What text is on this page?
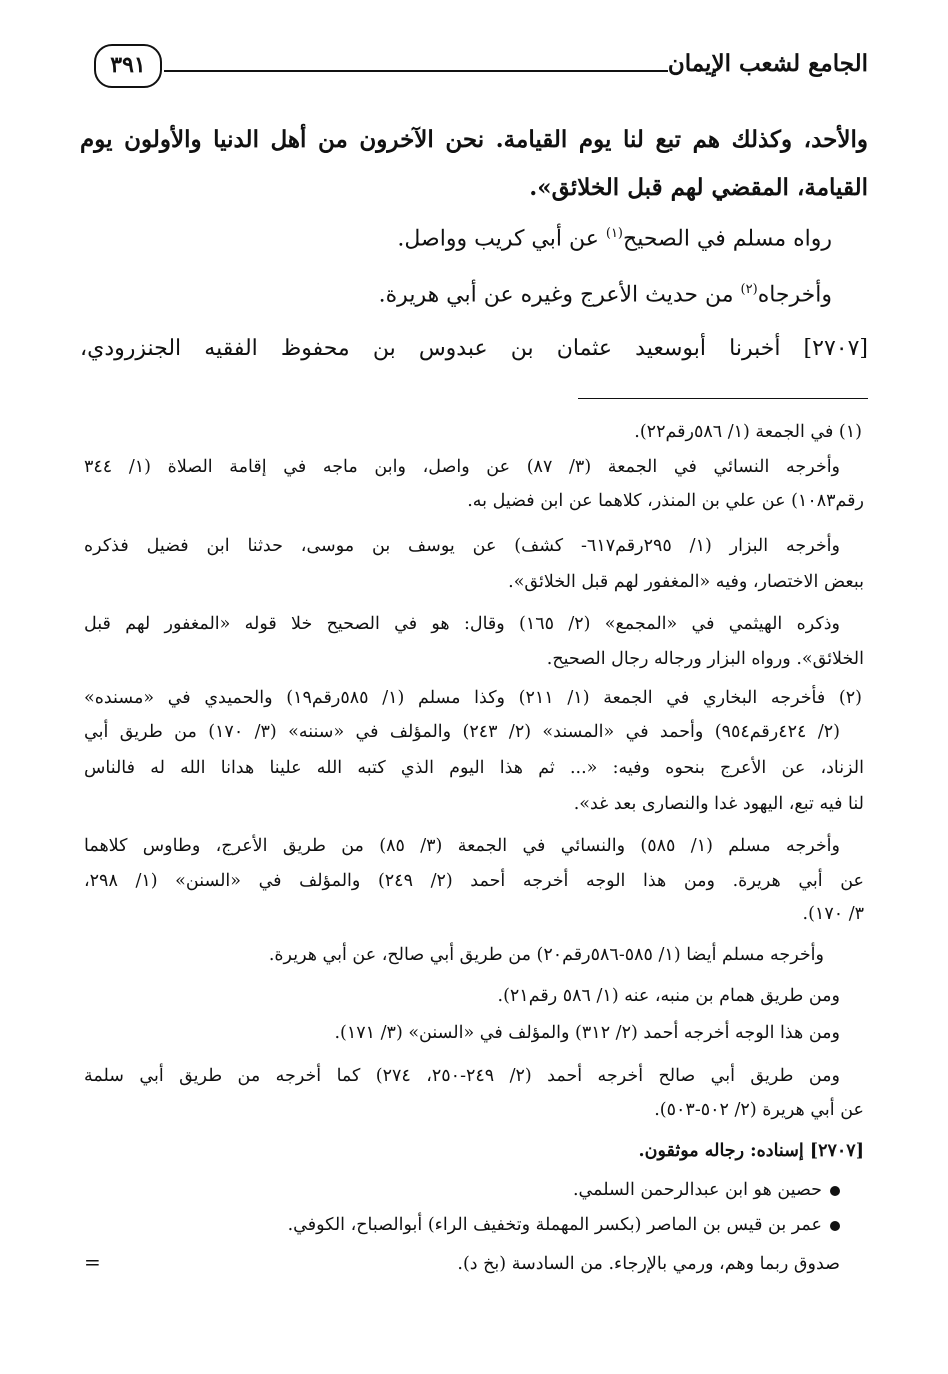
الجامع لشعب الإيمان
٣٩١
والأحد، وكذلك هم تبع لنا يوم القيامة. نحن الآخرون من أهل الدنيا والأولون يوم
القيامة، المقضي لهم قبل الخلائق».
رواه مسلم في الصحيح$^{(١)}$ عن أبي كريب وواصل.
وأخرجاه$^{(٢)}$ من حديث الأعرج وغيره عن أبي هريرة.
[٢٧٠٧] أخبرنا أبوسعيد عثمان بن عبدوس بن محفوظ الفقيه الجنزرودي،
(١) في الجمعة (١/ ٥٨٦رقم٢٢).
وأخرجه النسائي في الجمعة (٣/ ٨٧) عن واصل، وابن ماجه في إقامة الصلاة (١/ ٣٤٤
رقم١٠٨٣) عن علي بن المنذر، كلاهما عن ابن فضيل به.
وأخرجه البزار (١/ ٢٩٥رقم٦١٧- كشف) عن يوسف بن موسى، حدثنا ابن فضيل فذكره
ببعض الاختصار، وفيه «المغفور لهم قبل الخلائق».
وذكره الهيثمي في «المجمع» (٢/ ١٦٥) وقال: هو في الصحيح خلا قوله «المغفور لهم قبل
الخلائق». ورواه البزار ورجاله رجال الصحيح.
(٢) فأخرجه البخاري في الجمعة (١/ ٢١١) وكذا مسلم (١/ ٥٨٥رقم١٩) والحميدي في «مسنده»
(٢/ ٤٢٤رقم٩٥٤) وأحمد في «المسند» (٢/ ٢٤٣) والمؤلف في «سننه» (٣/ ١٧٠) من طريق أبي
الزناد، عن الأعرج بنحوه وفيه: «... ثم هذا اليوم الذي كتبه الله علينا هدانا الله له فالناس
لنا فيه تبع، اليهود غدا والنصارى بعد غد».
وأخرجه مسلم (١/ ٥٨٥) والنسائي في الجمعة (٣/ ٨٥) من طريق الأعرج، وطاوس كلاهما
عن أبي هريرة. ومن هذا الوجه أخرجه أحمد (٢/ ٢٤٩) والمؤلف في «السنن» (١/ ٢٩٨،
٣/ ١٧٠).
وأخرجه مسلم أيضا (١/ ٥٨٥-٥٨٦رقم٢٠) من طريق أبي صالح، عن أبي هريرة.
ومن طريق همام بن منبه، عنه (١/ ٥٨٦ رقم٢١).
ومن هذا الوجه أخرجه أحمد (٢/ ٣١٢) والمؤلف في «السنن» (٣/ ١٧١).
ومن طريق أبي صالح أخرجه أحمد (٢/ ٢٤٩-٢٥٠، ٢٧٤) كما أخرجه من طريق أبي سلمة
عن أبي هريرة (٢/ ٥٠٢-٥٠٣).
[٢٧٠٧] إسناده: رجاله موثقون.
حصين هو ابن عبدالرحمن السلمي.
عمر بن قيس بن الماصر (بكسر المهملة وتخفيف الراء) أبوالصباح، الكوفي.
صدوق ربما وهم، ورمي بالإرجاء. من السادسة (بخ د).
=
